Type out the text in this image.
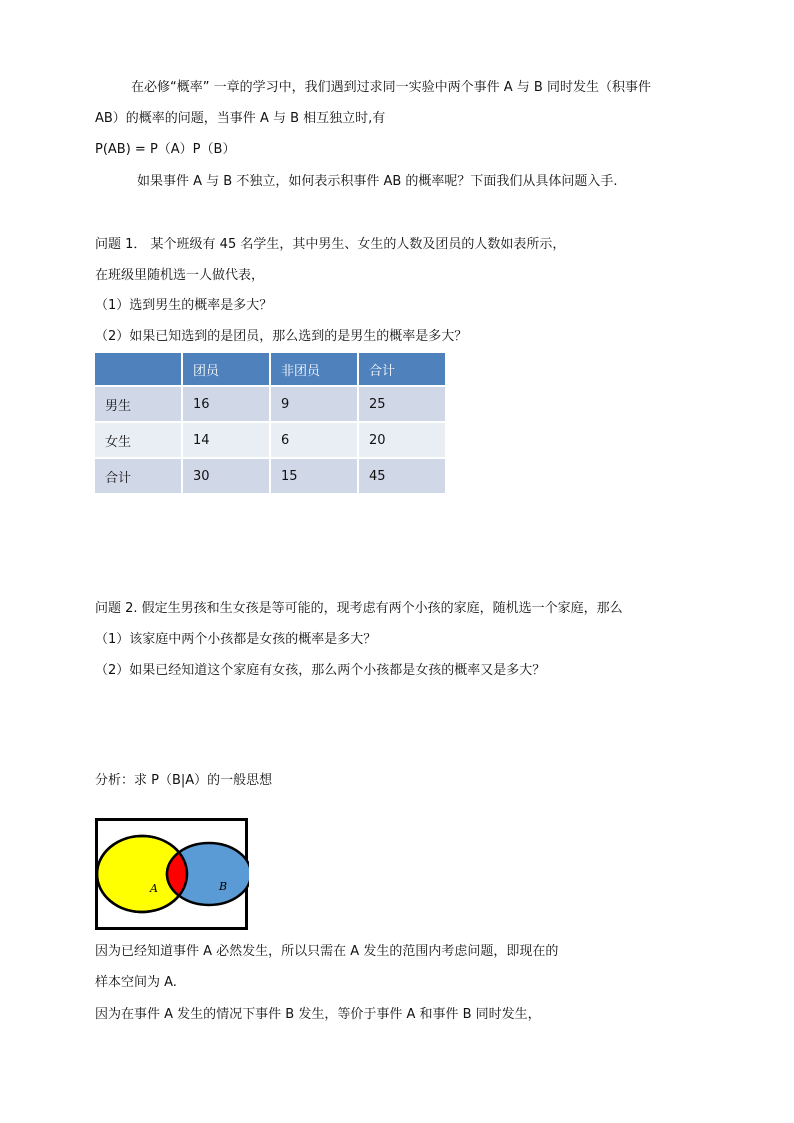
在必修“概率” 一章的学习中，我们遇到过求同一实验中两个事件 A 与 B 同时发生（积事件
AB）的概率的问题，当事件 A 与 B 相互独立时,有
P(AB) = P（A）P（B）
如果事件 A 与 B 不独立，如何表示积事件 AB 的概率呢？下面我们从具体问题入手.
问题 1． 某个班级有 45 名学生，其中男生、女生的人数及团员的人数如表所示，
在班级里随机选一人做代表，
（1）选到男生的概率是多大？
（2）如果已知选到的是团员，那么选到的是男生的概率是多大？
	团员	非团员	合计
男生	16	9	25
女生	14	6	20
合计	30	15	45
问题 2. 假定生男孩和生女孩是等可能的，现考虑有两个小孩的家庭，随机选一个家庭，那么
（1）该家庭中两个小孩都是女孩的概率是多大？
（2）如果已经知道这个家庭有女孩，那么两个小孩都是女孩的概率又是多大？
分析：求 P（B|A）的一般思想
A	B
因为已经知道事件 A 必然发生，所以只需在 A 发生的范围内考虑问题，即现在的
样本空间为 A.
因为在事件 A 发生的情况下事件 B 发生，等价于事件 A 和事件 B 同时发生，
